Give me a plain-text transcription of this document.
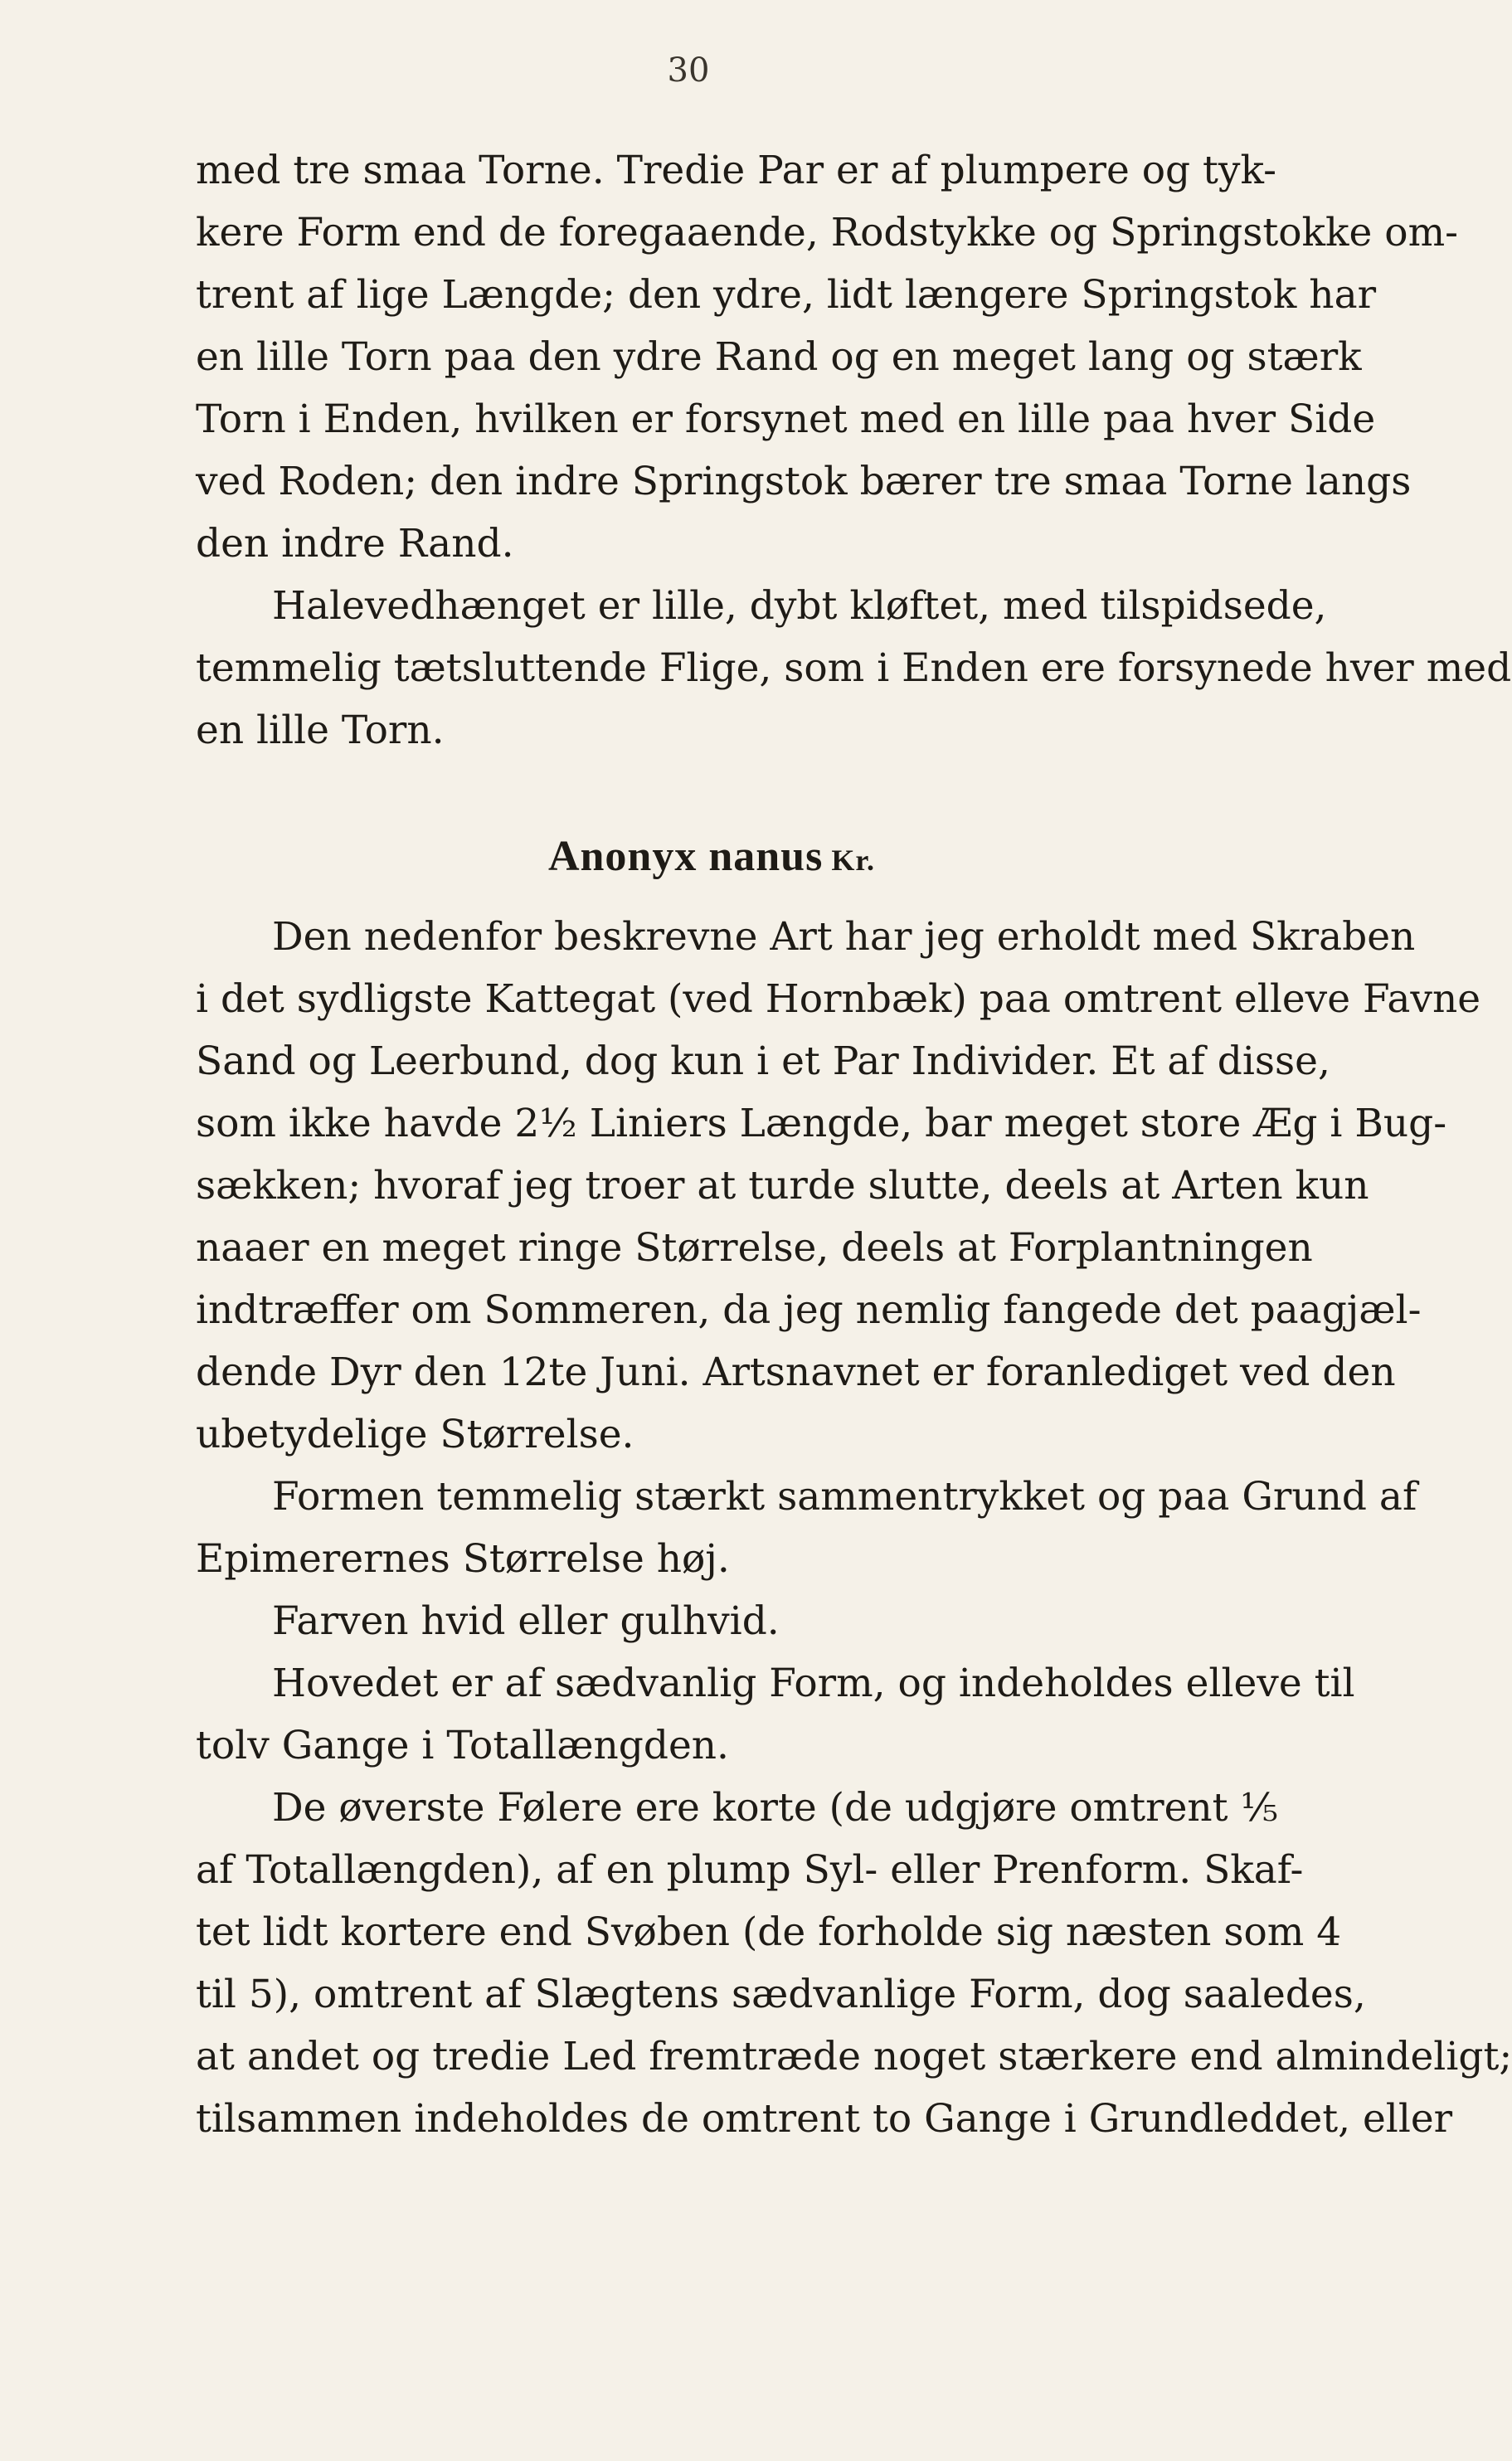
30
med tre smaa Torne. Tredie Par er af plumpere og tyk-
kere Form end de foregaaende, Rodstykke og Springstokke om-
trent af lige Længde; den ydre, lidt længere Springstok har
en lille Torn paa den ydre Rand og en meget lang og stærk
Torn i Enden, hvilken er forsynet med en lille paa hver Side
ved Roden; den indre Springstok bærer tre smaa Torne langs
den indre Rand.
Halevedhænget er lille, dybt kløftet, med tilspidsede,
temmelig tætsluttende Flige, som i Enden ere forsynede hver med
en lille Torn.
Anonyx nanus Kr.
Den nedenfor beskrevne Art har jeg erholdt med Skraben
i det sydligste Kattegat (ved Hornbæk) paa omtrent elleve Favne
Sand og Leerbund, dog kun i et Par Individer. Et af disse,
som ikke havde 2½ Liniers Længde, bar meget store Æg i Bug-
sækken; hvoraf jeg troer at turde slutte, deels at Arten kun
naaer en meget ringe Størrelse, deels at Forplantningen
indtræffer om Sommeren, da jeg nemlig fangede det paagjæl-
dende Dyr den 12te Juni. Artsnavnet er foranlediget ved den
ubetydelige Størrelse.
Formen temmelig stærkt sammentrykket og paa Grund af
Epimerernes Størrelse høj.
Farven hvid eller gulhvid.
Hovedet er af sædvanlig Form, og indeholdes elleve til
tolv Gange i Totallængden.
De øverste Følere ere korte (de udgjøre omtrent ⅕
af Totallængden), af en plump Syl- eller Prenform. Skaf-
tet lidt kortere end Svøben (de forholde sig næsten som 4
til 5), omtrent af Slægtens sædvanlige Form, dog saaledes,
at andet og tredie Led fremtræde noget stærkere end almindeligt;
tilsammen indeholdes de omtrent to Gange i Grundleddet, eller
